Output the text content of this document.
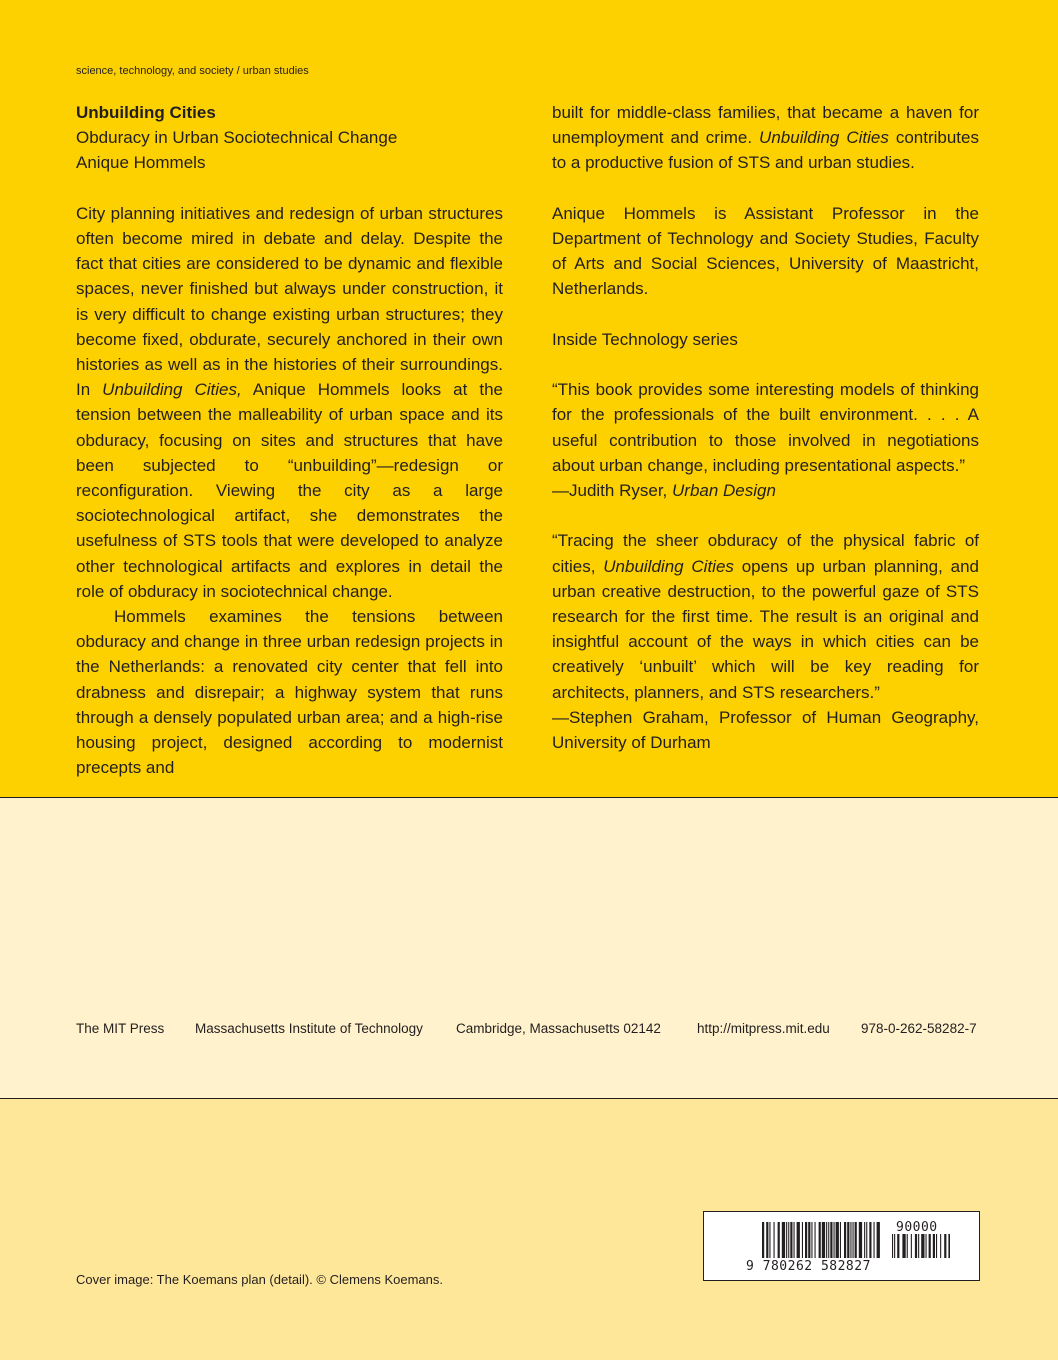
science, technology, and society / urban studies

Unbuilding Cities

Obduracy in Urban Sociotechnical Change

Anique Hommels

City planning initiatives and redesign of urban structures often become mired in debate and delay. Despite the fact that cities are considered to be dynamic and flexible spaces, never finished but always under construction, it is very difficult to change existing urban structures; they become fixed, obdurate, securely anchored in their own histories as well as in the histories of their surroundings. In Unbuilding Cities, Anique Hommels looks at the tension between the malleability of urban space and its obduracy, focusing on sites and structures that have been subjected to “unbuilding”—redesign or reconfiguration. Viewing the city as a large sociotechnological artifact, she demonstrates the usefulness of STS tools that were developed to analyze other technological artifacts and explores in detail the role of obduracy in sociotechnical change.

Hommels examines the tensions between obduracy and change in three urban redesign projects in the Netherlands: a renovated city center that fell into drabness and disrepair; a highway system that runs through a densely populated urban area; and a high-rise housing project, designed according to modernist precepts and

built for middle-class families, that became a haven for unemployment and crime. Unbuilding Cities contributes to a productive fusion of STS and urban studies.

Anique Hommels is Assistant Professor in the Department of Technology and Society Studies, Faculty of Arts and Social Sciences, University of Maastricht, Netherlands.

Inside Technology series

“This book provides some interesting models of thinking for the professionals of the built environment. . . . A useful contribution to those involved in negotiations about urban change, including presentational aspects.”

—Judith Ryser, Urban Design

“Tracing the sheer obduracy of the physical fabric of cities, Unbuilding Cities opens up urban planning, and urban creative destruction, to the powerful gaze of STS research for the first time. The result is an original and insightful account of the ways in which cities can be creatively ‘unbuilt’ which will be key reading for architects, planners, and STS researchers.”

—Stephen Graham, Professor of Human Geography, University of Durham

The MIT Press Massachusetts Institute of Technology Cambridge, Massachusetts 02142	http://mitpress.mit.edu 978-0-262-58282-7
Cover image: The Koemans plan (detail). © Clemens Koemans.
9 780262 582827
90000
